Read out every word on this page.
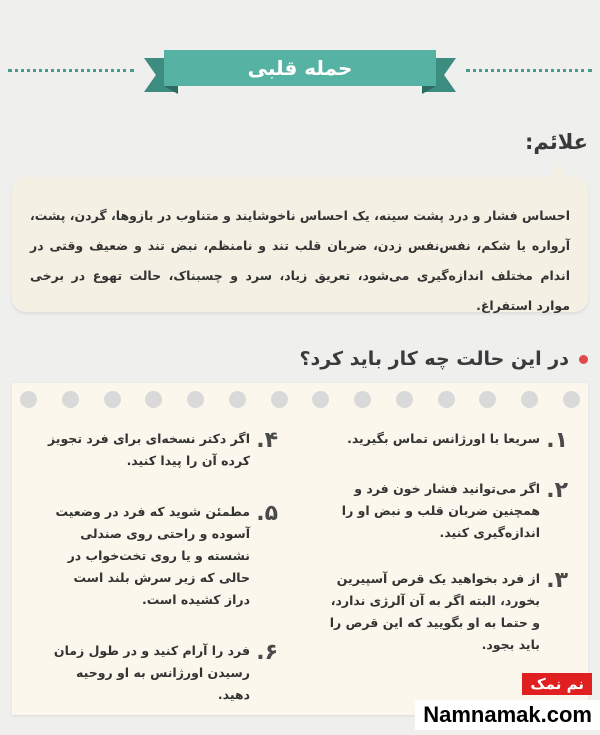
حمله قلبی
علائم:
احساس فشار و درد پشت سینه، یک احساس ناخوشایند و متناوب در بازوها، گردن، پشت، آرواره یا شکم، نفس‌نفس زدن، ضربان قلب تند و نامنظم، نبض تند و ضعیف وقتی در اندام مختلف اندازه‌گیری می‌شود، تعریق زیاد، سرد و چسبناک، حالت تهوع در برخی موارد استفراغ.
در این حالت چه کار باید کرد؟
۱.
سریعا با اورژانس تماس بگیرید.
۲.
اگر می‌توانید فشار خون فرد و همچنین ضربان قلب و نبض او را اندازه‌گیری کنید.
۳.
از فرد بخواهید یک قرص آسپیرین بخورد، البته اگر به آن آلرژی ندارد، و حتما به او بگویید که این قرص را باید بجود.
۴.
اگر دکتر نسخه‌ای برای فرد تجویز کرده آن را پیدا کنید.
۵.
مطمئن شوید که فرد در وضعیت آسوده و راحتی روی صندلی نشسته و یا روی تخت‌خواب در حالی که زیر سرش بلند است دراز کشیده است.
۶.
فرد را آرام کنید و در طول زمان رسیدن اورژانس به او روحیه دهید.
نم نمک
Namnamak.com
